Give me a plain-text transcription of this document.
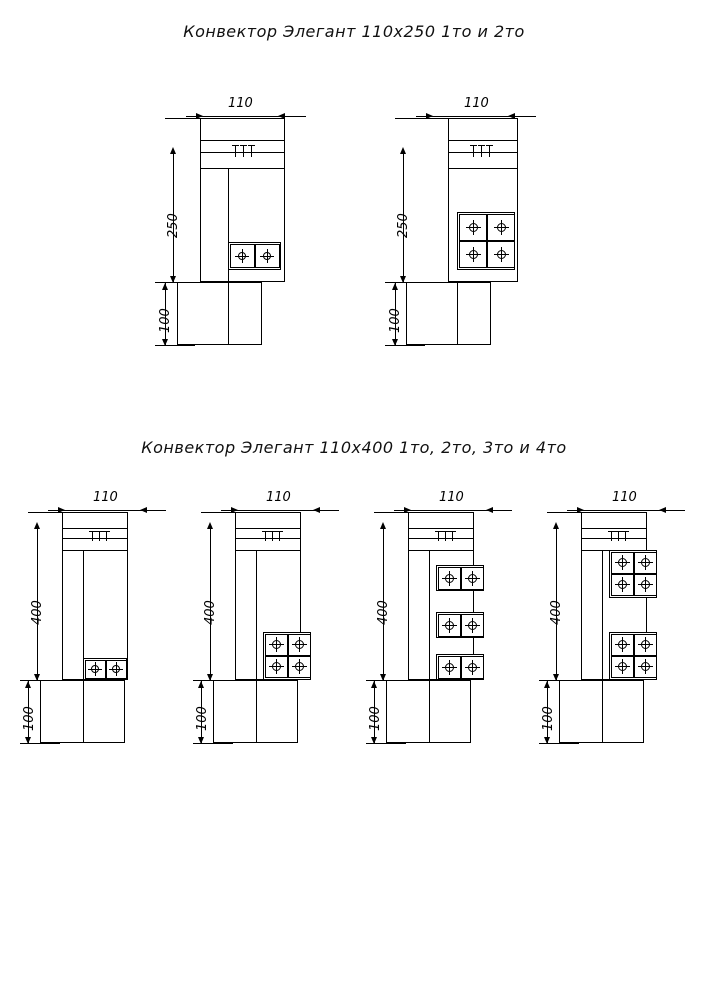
Конвектор Элегант 110х250 1то и 2то
Конвектор Элегант 110х400 1то, 2то, 3то и 4то
110
250
100
110
250
100
110
400
100
110
400
100
110
400
100
110
400
100
